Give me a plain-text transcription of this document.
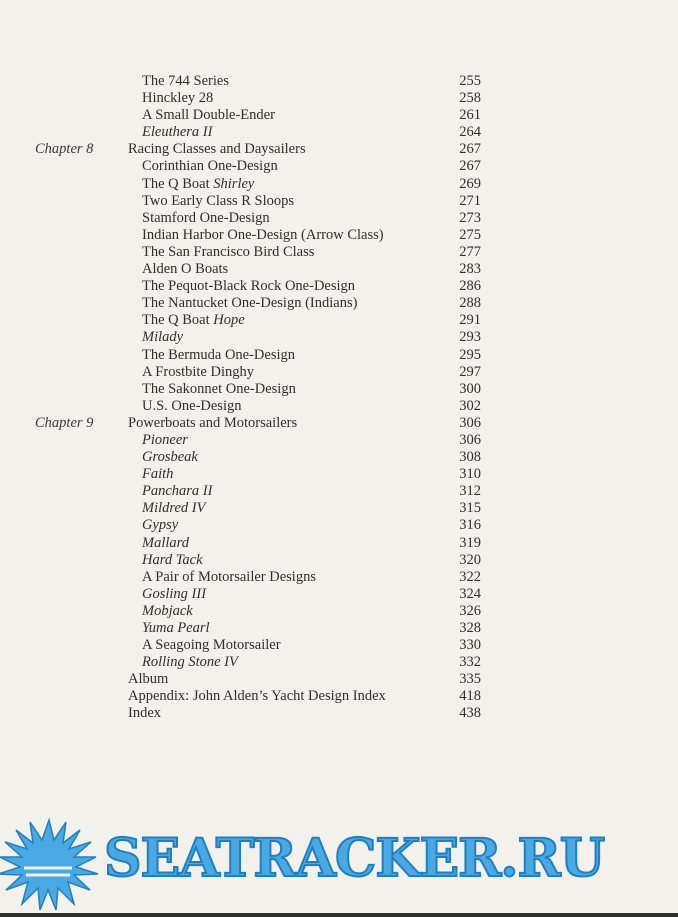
The 744 Series	255
Hinckley 28	258
A Small Double-Ender	261
Eleuthera II	264
Chapter 8 Racing Classes and Daysailers	267
Corinthian One-Design	267
The Q Boat Shirley	269
Two Early Class R Sloops	271
Stamford One-Design	273
Indian Harbor One-Design (Arrow Class)	275
The San Francisco Bird Class	277
Alden O Boats	283
The Pequot-Black Rock One-Design	286
The Nantucket One-Design (Indians)	288
The Q Boat Hope	291
Milady	293
The Bermuda One-Design	295
A Frostbite Dinghy	297
The Sakonnet One-Design	300
U.S. One-Design	302
Chapter 9 Powerboats and Motorsailers	306
Pioneer	306
Grosbeak	308
Faith	310
Panchara II	312
Mildred IV	315
Gypsy	316
Mallard	319
Hard Tack	320
A Pair of Motorsailer Designs	322
Gosling III	324
Mobjack	326
Yuma Pearl	328
A Seagoing Motorsailer	330
Rolling Stone IV	332
Album	335
Appendix: John Alden’s Yacht Design Index	418
Index	438
SEATRACKER.RU
